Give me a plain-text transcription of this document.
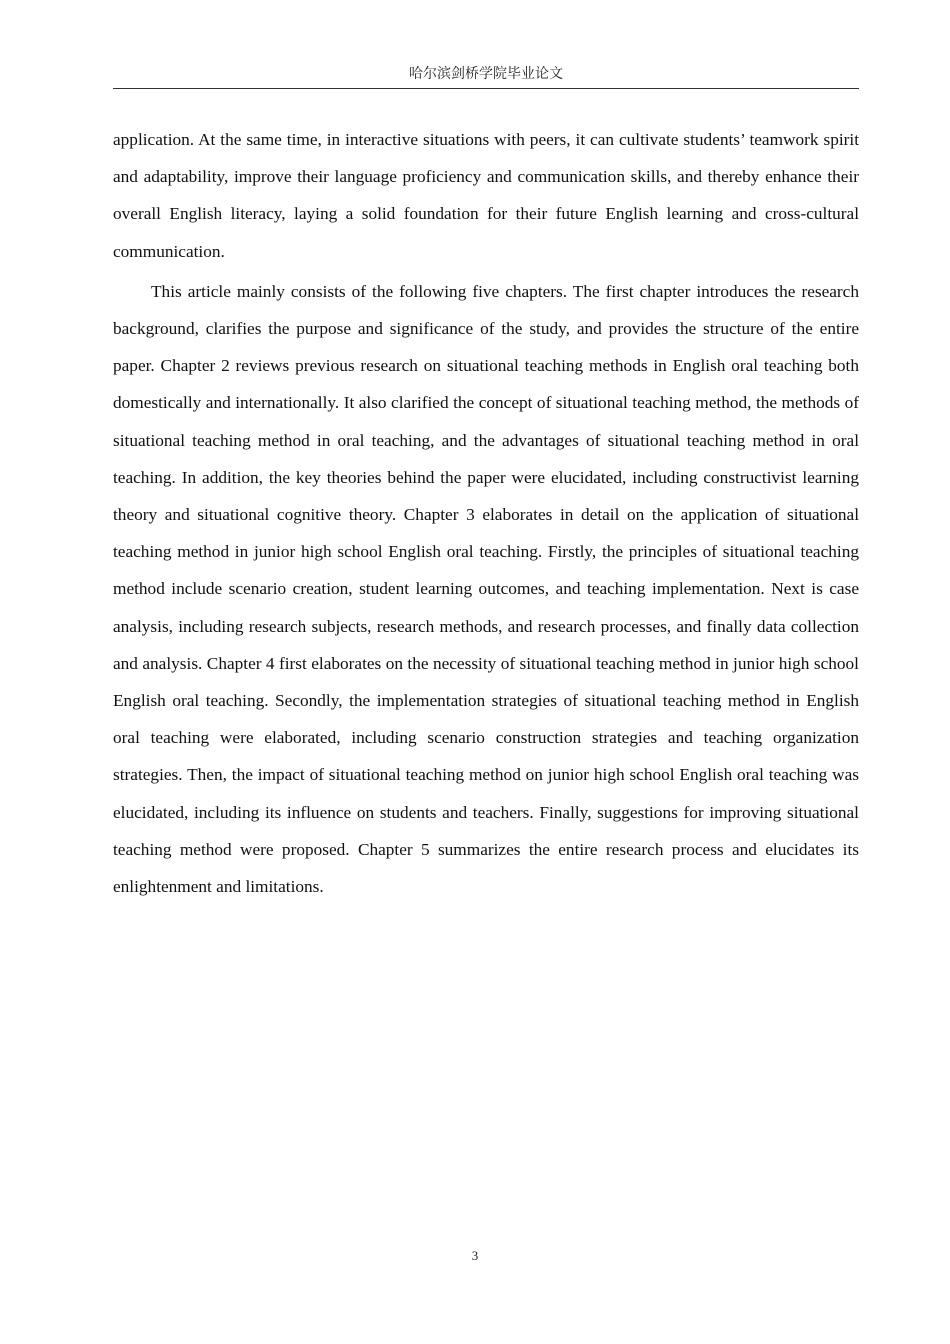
哈尔滨剑桥学院毕业论文

application. At the same time, in interactive situations with peers, it can cultivate students’ teamwork spirit and adaptability, improve their language proficiency and communication skills, and thereby enhance their overall English literacy, laying a solid foundation for their future English learning and cross-cultural communication.

This article mainly consists of the following five chapters. The first chapter introduces the research background, clarifies the purpose and significance of the study, and provides the structure of the entire paper. Chapter 2 reviews previous research on situational teaching methods in English oral teaching both domestically and internationally. It also clarified the concept of situational teaching method, the methods of situational teaching method in oral teaching, and the advantages of situational teaching method in oral teaching. In addition, the key theories behind the paper were elucidated, including constructivist learning theory and situational cognitive theory. Chapter 3 elaborates in detail on the application of situational teaching method in junior high school English oral teaching. Firstly, the principles of situational teaching method include scenario creation, student learning outcomes, and teaching implementation. Next is case analysis, including research subjects, research methods, and research processes, and finally data collection and analysis. Chapter 4 first elaborates on the necessity of situational teaching method in junior high school English oral teaching. Secondly, the implementation strategies of situational teaching method in English oral teaching were elaborated, including scenario construction strategies and teaching organization strategies. Then, the impact of situational teaching method on junior high school English oral teaching was elucidated, including its influence on students and teachers. Finally, suggestions for improving situational teaching method were proposed. Chapter 5 summarizes the entire research process and elucidates its enlightenment and limitations.

3
